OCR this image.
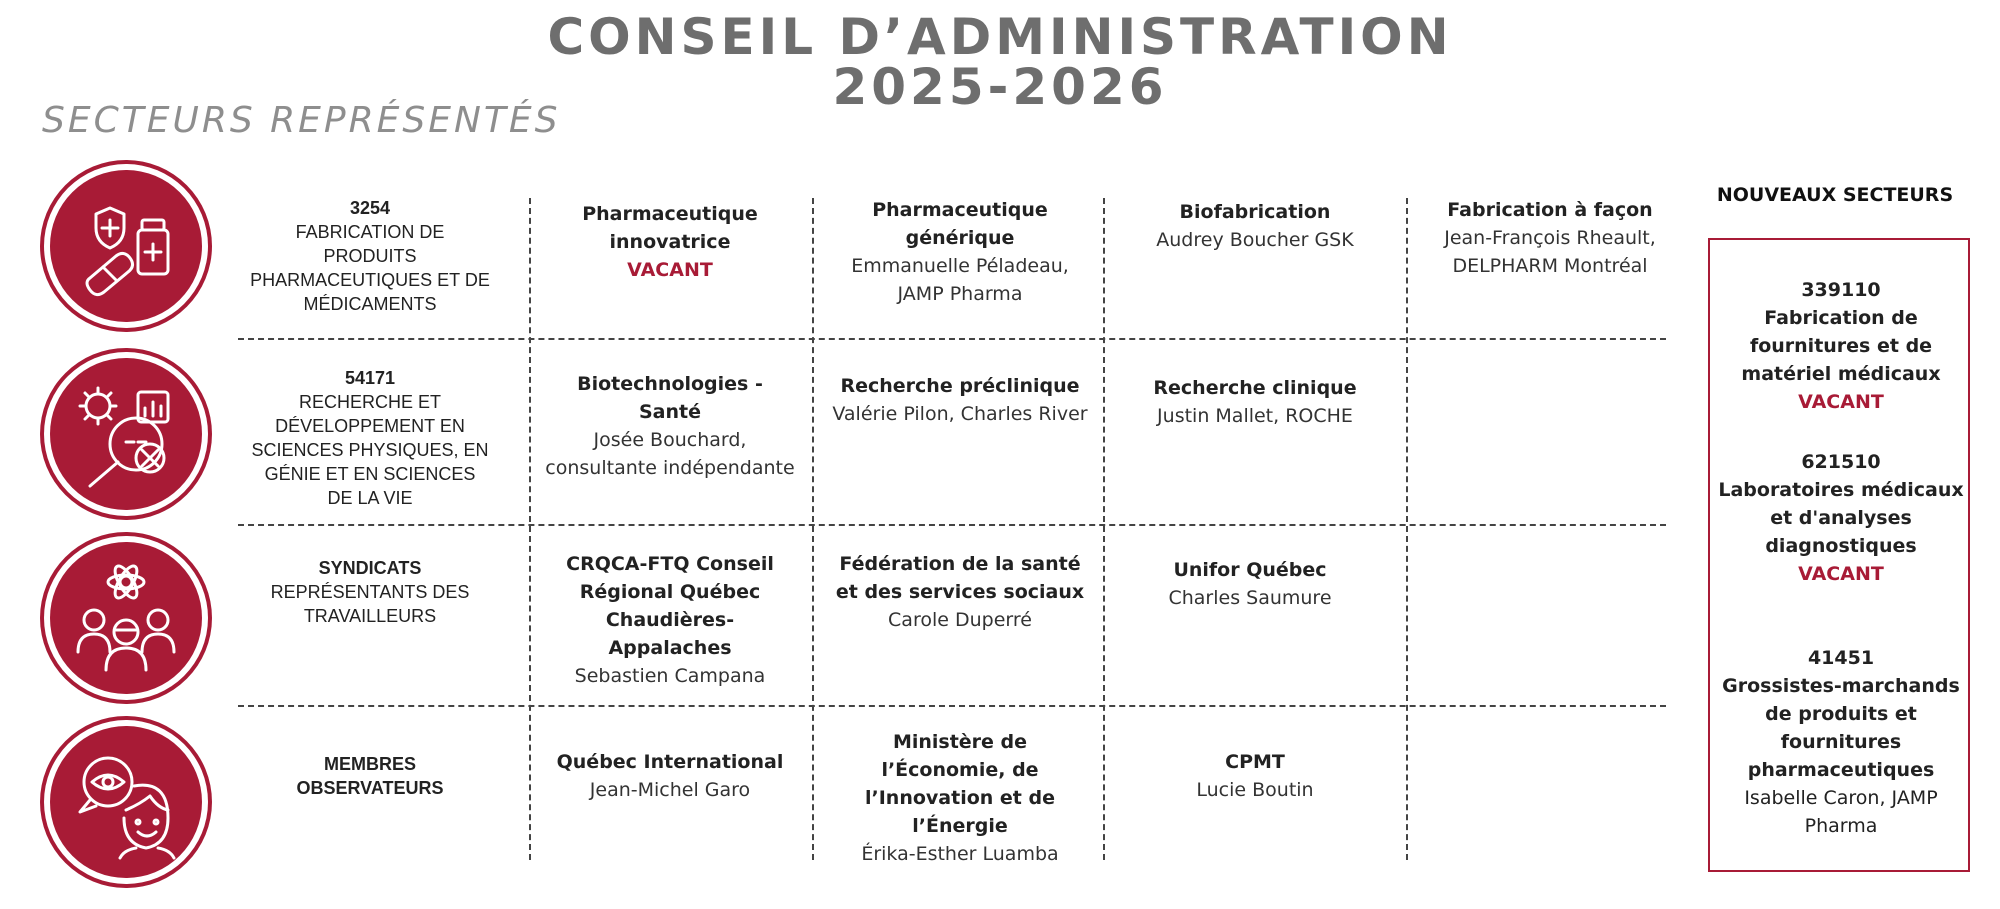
CONSEIL D’ADMINISTRATION
2025-2026
SECTEURS REPRÉSENTÉS
3254
FABRICATION DE PRODUITS PHARMACEUTIQUES ET DE MÉDICAMENTS
54171
RECHERCHE ET DÉVELOPPEMENT EN SCIENCES PHYSIQUES, EN GÉNIE ET EN SCIENCES DE LA VIE
SYNDICATS
REPRÉSENTANTS DES TRAVAILLEURS
MEMBRES OBSERVATEURS

Pharmaceutique innovatrice
VACANT
Pharmaceutique générique
Emmanuelle Péladeau, JAMP Pharma
Biofabrication
Audrey Boucher GSK
Fabrication à façon
Jean-François Rheault, DELPHARM Montréal
Biotechnologies - Santé
Josée Bouchard, consultante indépendante
Recherche préclinique
Valérie Pilon, Charles River
Recherche clinique
Justin Mallet, ROCHE
CRQCA-FTQ Conseil Régional Québec Chaudières-Appalaches
Sebastien Campana
Fédération de la santé et des services sociaux
Carole Duperré
Unifor Québec
Charles Saumure
Québec International
Jean-Michel Garo
Ministère de l’Économie, de l’Innovation et de l’Énergie
Érika-Esther Luamba
CPMT
Lucie Boutin
NOUVEAUX SECTEURS
339110
Fabrication de fournitures et de matériel médicaux
VACANT
621510
Laboratoires médicaux et d'analyses diagnostiques
VACANT
41451
Grossistes-marchands de produits et fournitures pharmaceutiques
Isabelle Caron, JAMP Pharma
